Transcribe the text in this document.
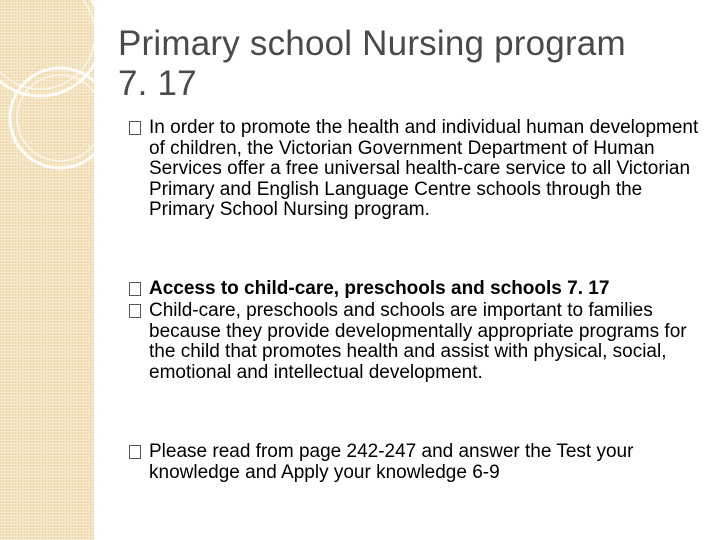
Primary school Nursing program
7. 17
In order to promote the health and individual human development of children, the Victorian Government Department of Human Services offer a free universal health-care service to all Victorian Primary and English Language Centre schools through the Primary School Nursing program.
Access to child-care, preschools and schools 7. 17
Child-care, preschools and schools are important to families because they provide developmentally appropriate programs for the child that promotes health and assist with physical, social, emotional and intellectual development.
Please read from page 242-247 and answer the Test your knowledge and Apply your knowledge 6-9
